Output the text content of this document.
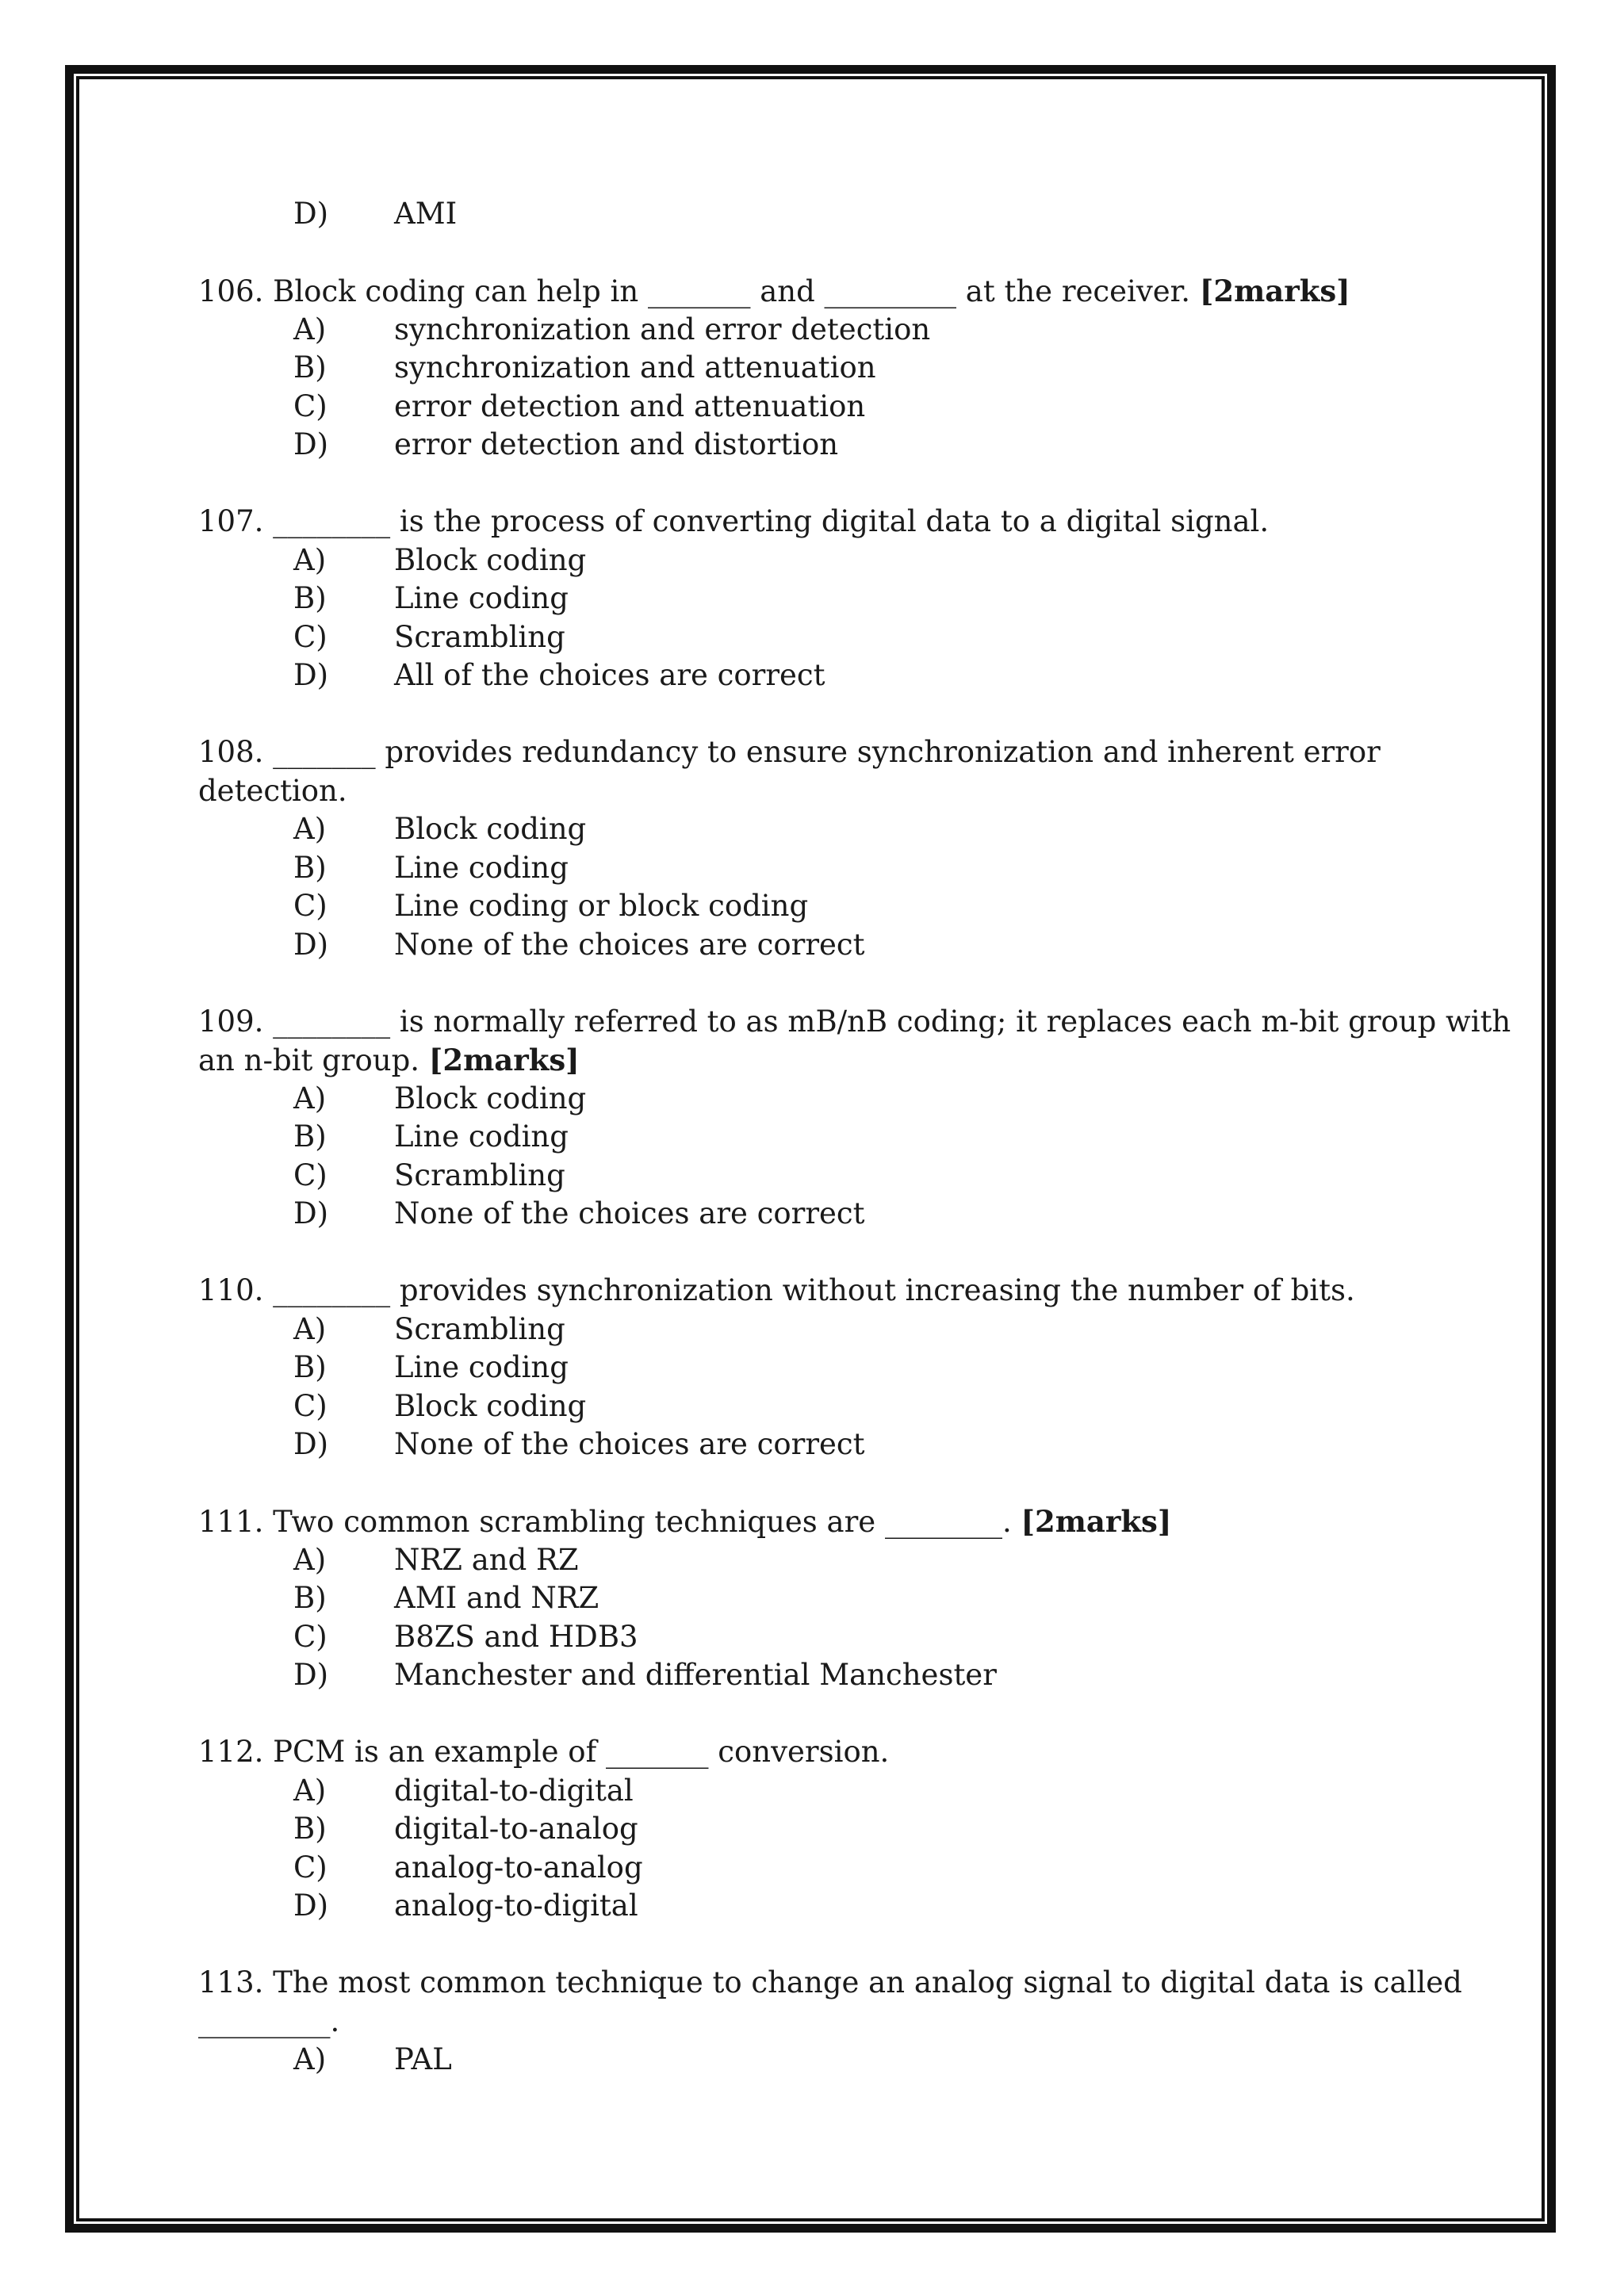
D) AMI
106. Block coding can help in _______ and _________ at the receiver. [2marks]
A) synchronization and error detection
B) synchronization and attenuation
C) error detection and attenuation
D) error detection and distortion
107. ________ is the process of converting digital data to a digital signal.
A) Block coding
B) Line coding
C) Scrambling
D) All of the choices are correct
108. _______ provides redundancy to ensure synchronization and inherent error
detection.
A) Block coding
B) Line coding
C) Line coding or block coding
D) None of the choices are correct
109. ________ is normally referred to as mB/nB coding; it replaces each m-bit group with
an n-bit group. [2marks]
A) Block coding
B) Line coding
C) Scrambling
D) None of the choices are correct
110. ________ provides synchronization without increasing the number of bits.
A) Scrambling
B) Line coding
C) Block coding
D) None of the choices are correct
111. Two common scrambling techniques are ________. [2marks]
A) NRZ and RZ
B) AMI and NRZ
C) B8ZS and HDB3
D) Manchester and differential Manchester
112. PCM is an example of _______ conversion.
A) digital-to-digital
B) digital-to-analog
C) analog-to-analog
D) analog-to-digital
113. The most common technique to change an analog signal to digital data is called
_________.
A) PAL
